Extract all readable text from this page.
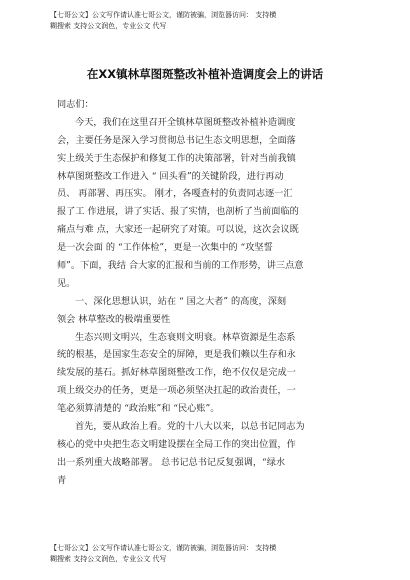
【七哥公文】公文写作请认准七哥公文，谨防被骗，浏览器访问： 支持横

糊搜索 支持公文润色，专业公文 代写

在XX镇林草图斑整改补植补造调度会上的讲话
同志们：
今天，我们在这里召开全镇林草图斑整改补植补造调度
会，主要任务是深入学习贯彻总书记生态文明思想，全面落
实上级关于生态保护和修复工作的决策部署，针对当前我镇
林草图斑整改工作进入 “ 回头看”的关键阶段，进行再动
员、 再部署、再压实。 刚才，各嘎查村的负责同志逐一汇
报了工 作进展，讲了实话、报了实情，也剖析了当前面临的
痛点与难 点，大家还一起研究了对策。可以说，这次会议既
是一次会面 的 “工作体检”，更是一次集中的 “攻坚誓
师”。下面，我结 合大家的汇报和当前的工作形势，讲三点意
见。
一、深化思想认识，站在 “ 国之大者” 的高度，深刻
领会 林草整改的极端重要性
生态兴则文明兴，生态衰则文明衰。林草资源是生态系
统的根基，是国家生态安全的屏障，更是我们赖以生存和永
续发展的基石。抓好林草图斑整改工作，绝不仅仅是完成一
项上级交办的任务，更是一项必须坚决扛起的政治责任，一
笔必须算清楚的 “政治账”和 “民心账”。
首先，要从政治上看。党的十八大以来，以总书记同志为
核心的党中央把生态文明建设摆在全局工作的突出位置，作
出一系列重大战略部署。 总书记总书记反复强调，“绿水
青

【七哥公文】公文写作请认准七哥公文，谨防被骗，浏览器访问： 支持横

糊搜索 支持公文润色，专业公文 代写
